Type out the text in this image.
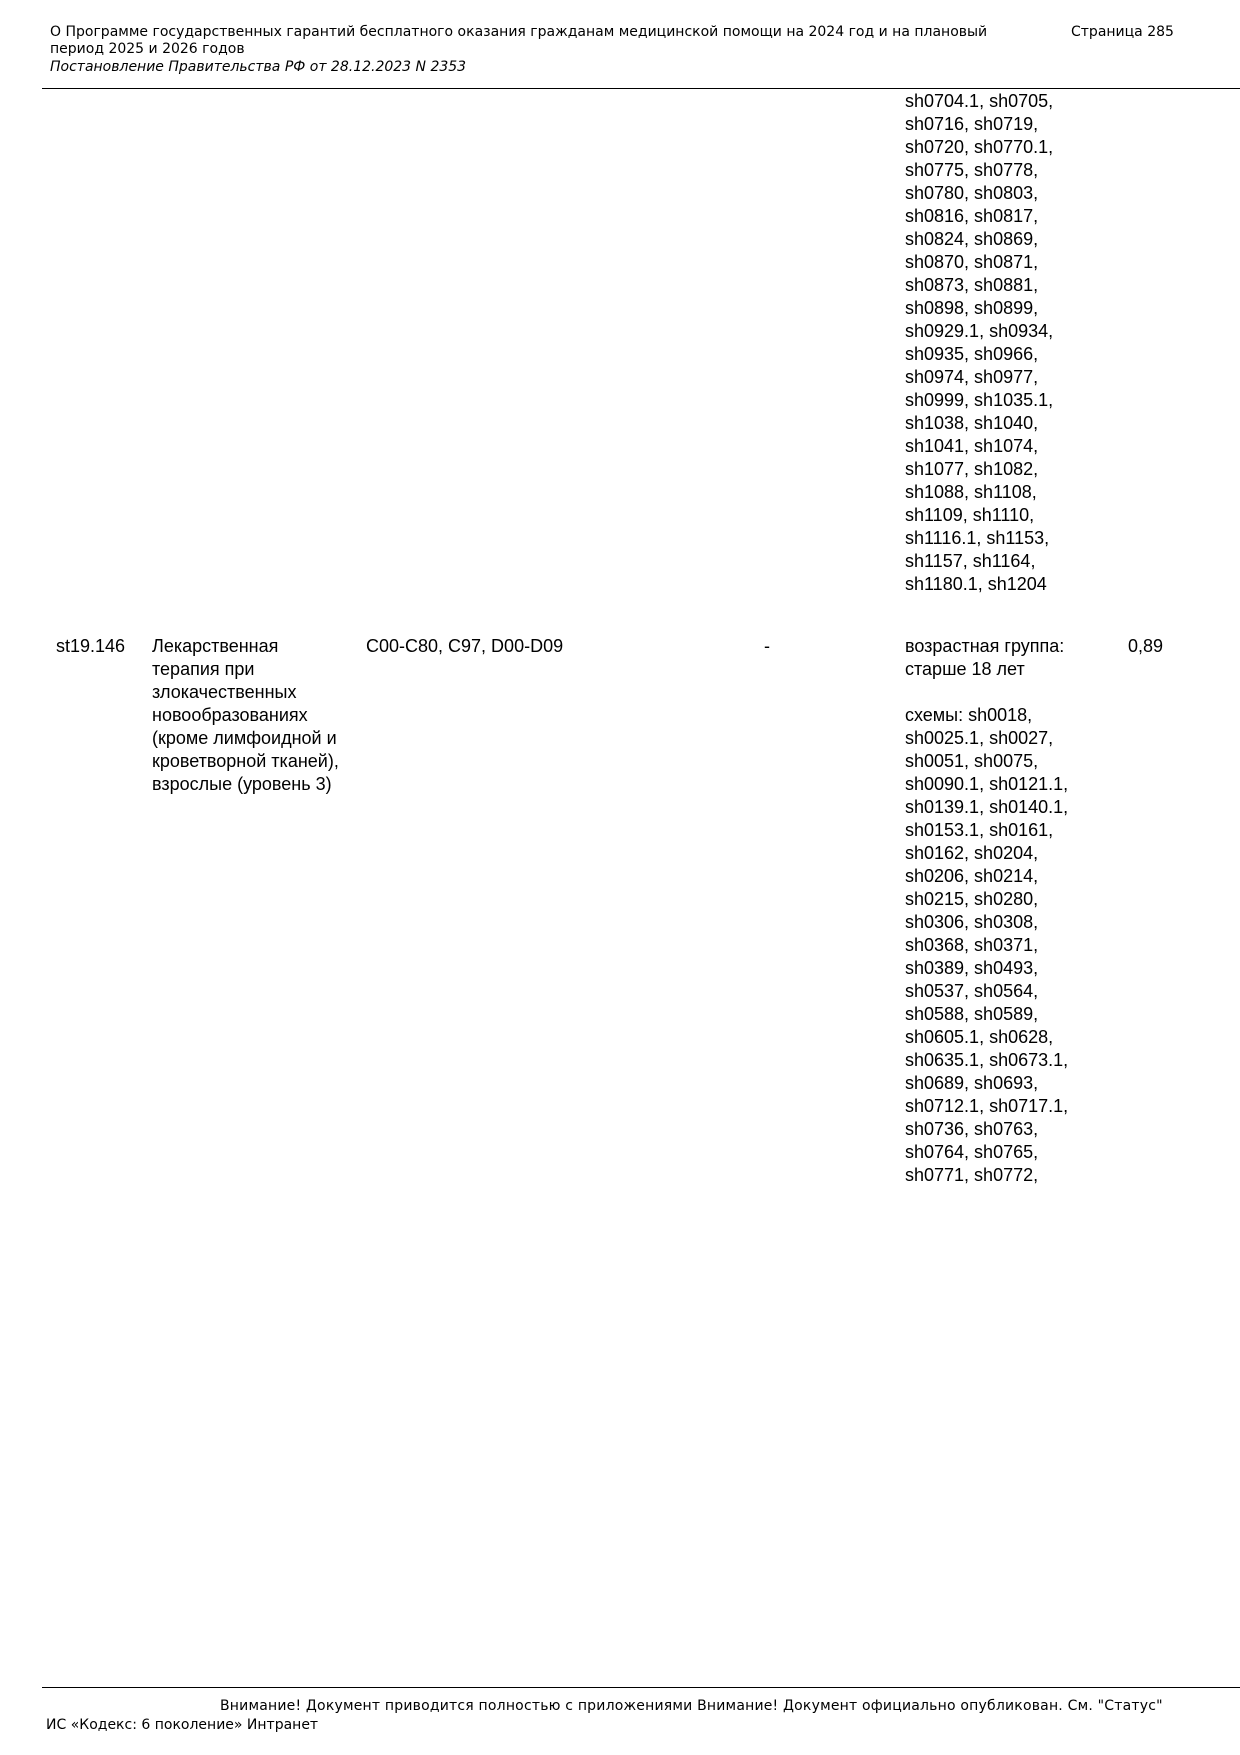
О Программе государственных гарантий бесплатного оказания гражданам медицинской помощи на 2024 год и на плановый период 2025 и 2026 годов
Постановление Правительства РФ от 28.12.2023 N 2353
Страница 285
sh0704.1, sh0705,
sh0716, sh0719,
sh0720, sh0770.1,
sh0775, sh0778,
sh0780, sh0803,
sh0816, sh0817,
sh0824, sh0869,
sh0870, sh0871,
sh0873, sh0881,
sh0898, sh0899,
sh0929.1, sh0934,
sh0935, sh0966,
sh0974, sh0977,
sh0999, sh1035.1,
sh1038, sh1040,
sh1041, sh1074,
sh1077, sh1082,
sh1088, sh1108,
sh1109, sh1110,
sh1116.1, sh1153,
sh1157, sh1164,
sh1180.1, sh1204
st19.146 Лекарственная
терапия при
злокачественных
новообразованиях
(кроме лимфоидной и
кроветворной тканей),
взрослые (уровень 3)
C00-C80, C97, D00-D09	-	возрастная группа:
старше 18 лет

схемы: sh0018,
sh0025.1, sh0027,
sh0051, sh0075,
sh0090.1, sh0121.1,
sh0139.1, sh0140.1,
sh0153.1, sh0161,
sh0162, sh0204,
sh0206, sh0214,
sh0215, sh0280,
sh0306, sh0308,
sh0368, sh0371,
sh0389, sh0493,
sh0537, sh0564,
sh0588, sh0589,
sh0605.1, sh0628,
sh0635.1, sh0673.1,
sh0689, sh0693,
sh0712.1, sh0717.1,
sh0736, sh0763,
sh0764, sh0765,
sh0771, sh0772,
0,89
Внимание! Документ приводится полностью с приложениями Внимание! Документ официально опубликован. См. "Статус"
ИС «Кодекс: 6 поколение» Интранет
